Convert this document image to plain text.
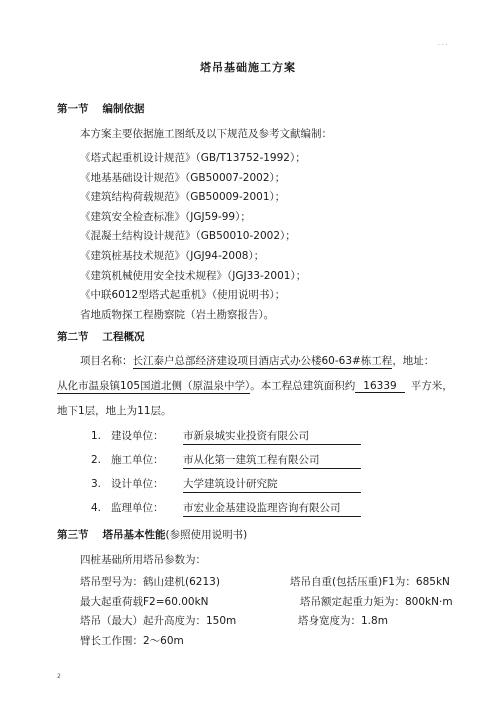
. . .
塔吊基础施工方案
第一节 编制依据
本方案主要依据施工图纸及以下规范及参考文献编制：
《塔式起重机设计规范》（GB/T13752-1992）；
《地基基础设计规范》（GB50007-2002）；
《建筑结构荷载规范》（GB50009-2001）；
《建筑安全检查标准》（JGJ59-99）；
《混凝土结构设计规范》（GB50010-2002）；
《建筑桩基技术规范》（JGJ94-2008）；
《建筑机械使用安全技术规程》（JGJ33-2001）；
《中联6012型塔式起重机》（使用说明书）；
省地质物探工程勘察院（岩土勘察报告）。
第二节 工程概况
项目名称：长江泰户总部经济建设项目酒店式办公楼60-63#栋工程，地址：
从化市温泉镇105国道北侧（原温泉中学）。本工程总建筑面积约 16339 平方米，
地下1层，地上为11层。
1. 建设单位： 市新泉城实业投资有限公司
2. 施工单位： 市从化第一建筑工程有限公司
3. 设计单位： 大学建筑设计研究院
4. 监理单位： 市宏业金基建设监理咨询有限公司
第三节 塔吊基本性能(参照使用说明书)
四桩基础所用塔吊参数为：
塔吊型号为：鹤山建机(6213)	塔吊自重(包括压重)F1为：685kN
最大起重荷载F2=60.00kN	塔吊额定起重力矩为：800kN·m
塔吊（最大）起升高度为：150m	塔身宽度为：1.8m
臂长工作围：2～60m
2
